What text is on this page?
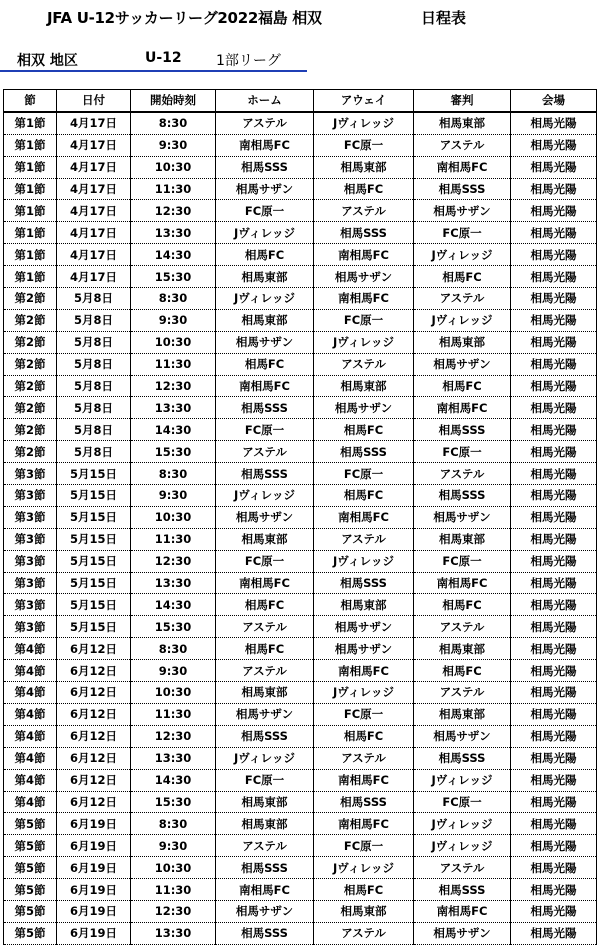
JFA U-12サッカーリーグ2022福島 相双	日程表
相双 地区	U-12 1部リーグ
節	日付	開始時刻	ホーム	アウェイ	審判	会場
第1節	4月17日	8:30	アステル	Jヴィレッジ	相馬東部	相馬光陽
第1節	4月17日	9:30	南相馬FC	FC原一	アステル	相馬光陽
第1節	4月17日	10:30	相馬SSS	相馬東部	南相馬FC	相馬光陽
第1節	4月17日	11:30	相馬サザン	相馬FC	相馬SSS	相馬光陽
第1節	4月17日	12:30	FC原一	アステル	相馬サザン	相馬光陽
第1節	4月17日	13:30	Jヴィレッジ	相馬SSS	FC原一	相馬光陽
第1節	4月17日	14:30	相馬FC	南相馬FC	Jヴィレッジ	相馬光陽
第1節	4月17日	15:30	相馬東部	相馬サザン	相馬FC	相馬光陽
第2節	5月8日	8:30	Jヴィレッジ	南相馬FC	アステル	相馬光陽
第2節	5月8日	9:30	相馬東部	FC原一	Jヴィレッジ	相馬光陽
第2節	5月8日	10:30	相馬サザン	Jヴィレッジ	相馬東部	相馬光陽
第2節	5月8日	11:30	相馬FC	アステル	相馬サザン	相馬光陽
第2節	5月8日	12:30	南相馬FC	相馬東部	相馬FC	相馬光陽
第2節	5月8日	13:30	相馬SSS	相馬サザン	南相馬FC	相馬光陽
第2節	5月8日	14:30	FC原一	相馬FC	相馬SSS	相馬光陽
第2節	5月8日	15:30	アステル	相馬SSS	FC原一	相馬光陽
第3節	5月15日	8:30	相馬SSS	FC原一	アステル	相馬光陽
第3節	5月15日	9:30	Jヴィレッジ	相馬FC	相馬SSS	相馬光陽
第3節	5月15日	10:30	相馬サザン	南相馬FC	相馬サザン	相馬光陽
第3節	5月15日	11:30	相馬東部	アステル	相馬東部	相馬光陽
第3節	5月15日	12:30	FC原一	Jヴィレッジ	FC原一	相馬光陽
第3節	5月15日	13:30	南相馬FC	相馬SSS	南相馬FC	相馬光陽
第3節	5月15日	14:30	相馬FC	相馬東部	相馬FC	相馬光陽
第3節	5月15日	15:30	アステル	相馬サザン	アステル	相馬光陽
第4節	6月12日	8:30	相馬FC	相馬サザン	相馬東部	相馬光陽
第4節	6月12日	9:30	アステル	南相馬FC	相馬FC	相馬光陽
第4節	6月12日	10:30	相馬東部	Jヴィレッジ	アステル	相馬光陽
第4節	6月12日	11:30	相馬サザン	FC原一	相馬東部	相馬光陽
第4節	6月12日	12:30	相馬SSS	相馬FC	相馬サザン	相馬光陽
第4節	6月12日	13:30	Jヴィレッジ	アステル	相馬SSS	相馬光陽
第4節	6月12日	14:30	FC原一	南相馬FC	Jヴィレッジ	相馬光陽
第4節	6月12日	15:30	相馬東部	相馬SSS	FC原一	相馬光陽
第5節	6月19日	8:30	相馬東部	南相馬FC	Jヴィレッジ	相馬光陽
第5節	6月19日	9:30	アステル	FC原一	Jヴィレッジ	相馬光陽
第5節	6月19日	10:30	相馬SSS	Jヴィレッジ	アステル	相馬光陽
第5節	6月19日	11:30	南相馬FC	相馬FC	相馬SSS	相馬光陽
第5節	6月19日	12:30	相馬サザン	相馬東部	南相馬FC	相馬光陽
第5節	6月19日	13:30	相馬SSS	アステル	相馬サザン	相馬光陽
